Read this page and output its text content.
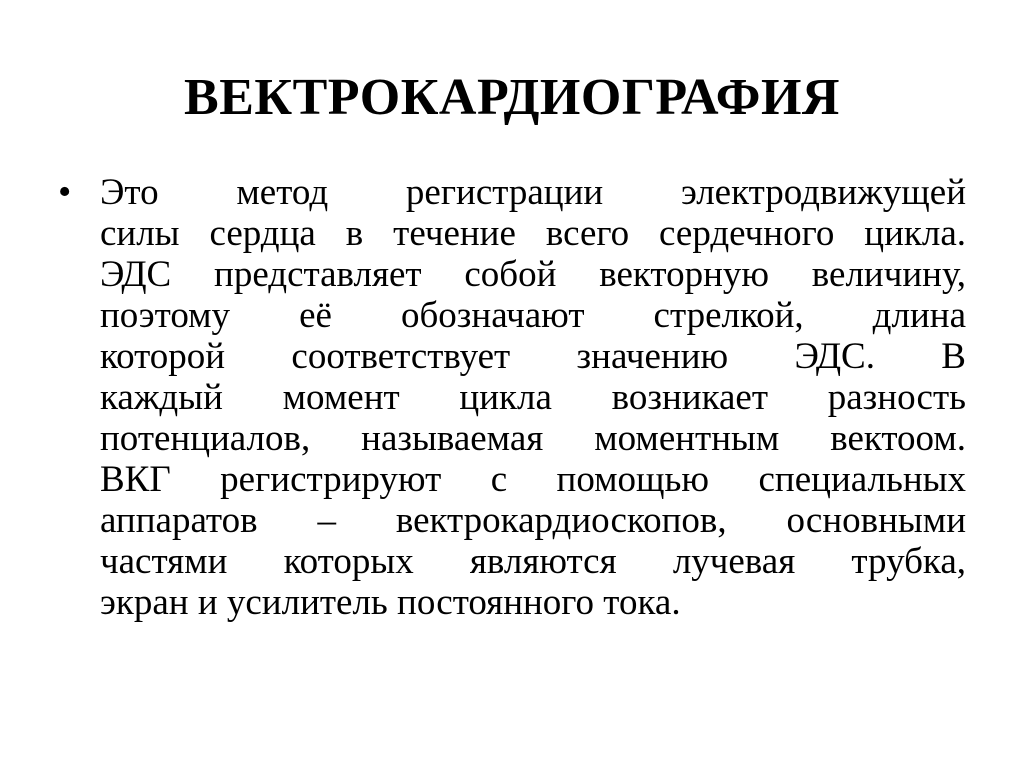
ВЕКТРОКАРДИОГРАФИЯ
• Это метод регистрации электродвижущей
силы сердца в течение всего сердечного цикла.
ЭДС представляет собой векторную величину,
поэтому её обозначают стрелкой, длина
которой соответствует значению ЭДС. В
каждый момент цикла возникает разность
потенциалов, называемая моментным вектоом.
ВКГ регистрируют с помощью специальных
аппаратов – вектрокардиоскопов, основными
частями которых являются лучевая трубка,
экран и усилитель постоянного тока.
